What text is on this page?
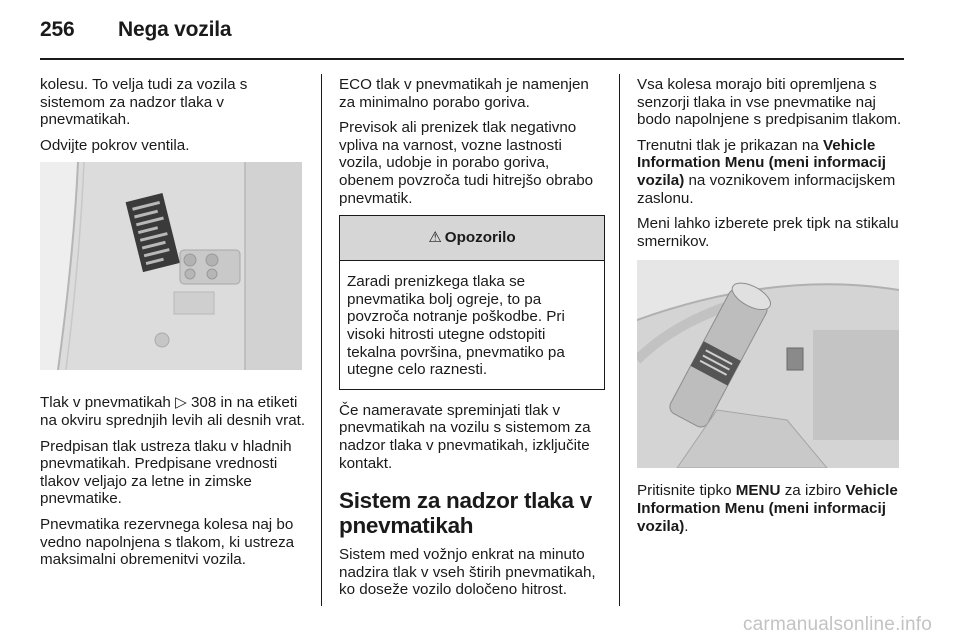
256 Nega vozila

kolesu. To velja tudi za vozila s sistemom za nadzor tlaka v pnevmatikah.

Odvijte pokrov ventila.

Tlak v pnevmatikah ▷ 308 in na etiketi na okviru sprednjih levih ali desnih vrat.

Predpisan tlak ustreza tlaku v hladnih pnevmatikah. Predpisane vrednosti tlakov veljajo za letne in zimske pnevmatike.

Pnevmatika rezervnega kolesa naj bo vedno napolnjena s tlakom, ki ustreza maksimalni obremenitvi vozila.

ECO tlak v pnevmatikah je namenjen za minimalno porabo goriva.

Previsok ali prenizek tlak negativno vpliva na varnost, vozne lastnosti vozila, udobje in porabo goriva, obenem povzroča tudi hitrejšo obrabo pnevmatik.

⚠ Opozorilo
Zaradi prenizkega tlaka se pnevmatika bolj ogreje, to pa povzroča notranje poškodbe. Pri visoki hitrosti utegne odstopiti tekalna površina, pnevmatiko pa utegne celo raznesti.

Če nameravate spreminjati tlak v pnevmatikah na vozilu s sistemom za nadzor tlaka v pnevmatikah, izključite kontakt.

Sistem za nadzor tlaka v pnevmatikah

Sistem med vožnjo enkrat na minuto nadzira tlak v vseh štirih pnevmatikah, ko doseže vozilo določeno hitrost.

Vsa kolesa morajo biti opremljena s senzorji tlaka in vse pnevmatike naj bodo napolnjene s predpisanim tlakom.

Trenutni tlak je prikazan na Vehicle Information Menu (meni informacij vozila) na voznikovem informacijskem zaslonu.

Meni lahko izberete prek tipk na stikalu smernikov.

Pritisnite tipko MENU za izbiro Vehicle Information Menu (meni informacij vozila).

carmanualsonline.info
